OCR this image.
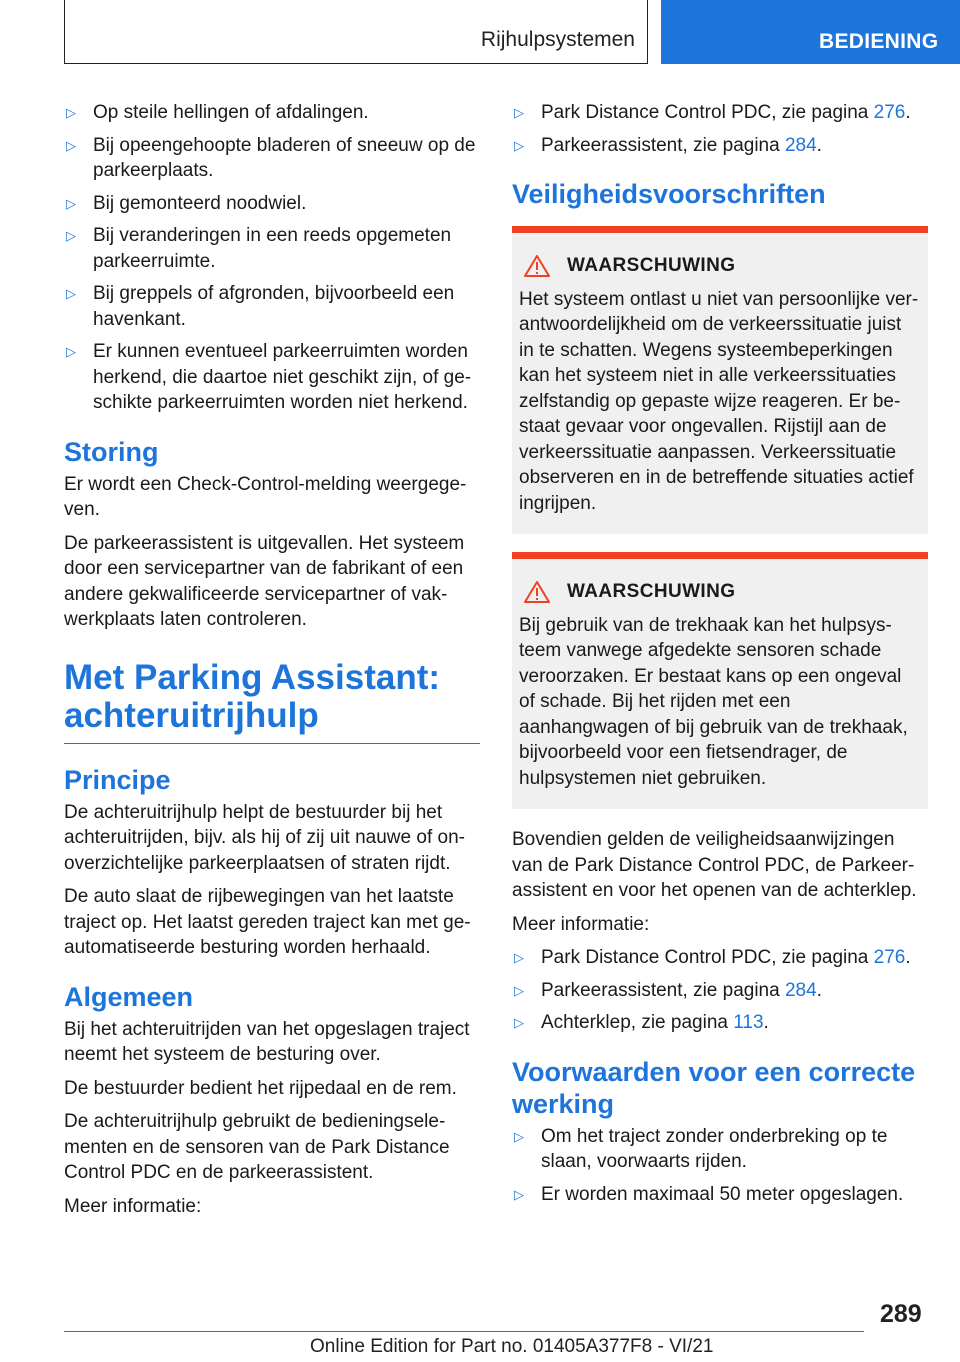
Rijhulpsystemen	BEDIENING
▷ Op steile hellingen of afdalingen.
▷ Bij opeengehoopte bladeren of sneeuw op de parkeerplaats.
▷ Bij gemonteerd noodwiel.
▷ Bij veranderingen in een reeds opgemeten parkeerruimte.
▷ Bij greppels of afgronden, bijvoorbeeld een havenkant.
▷ Er kunnen eventueel parkeerruimten worden herkend, die daartoe niet geschikt zijn, of geschikte parkeerruimten worden niet herkend.
Storing

Er wordt een Check-Control-melding weergegeven.

De parkeerassistent is uitgevallen. Het systeem door een servicepartner van de fabrikant of een andere gekwalificeerde servicepartner of vakwerkplaats laten controleren.

Met Parking Assistant: achteruitrijhulp
Principe

De achteruitrijhulp helpt de bestuurder bij het achteruitrijden, bijv. als hij of zij uit nauwe of onoverzichtelijke parkeerplaatsen of straten rijdt.

De auto slaat de rijbewegingen van het laatste traject op. Het laatst gereden traject kan met geautomatiseerde besturing worden herhaald.

Algemeen

Bij het achteruitrijden van het opgeslagen traject neemt het systeem de besturing over.

De bestuurder bedient het rijpedaal en de rem.

De achteruitrijhulp gebruikt de bedieningselementen en de sensoren van de Park Distance Control PDC en de parkeerassistent.

Meer informatie:

▷ Park Distance Control PDC, zie pagina 276.
▷ Parkeerassistent, zie pagina 284.
Veiligheidsvoorschriften
WAARSCHUWING

Het systeem ontlast u niet van persoonlijke verantwoordelijkheid om de verkeerssituatie juist in te schatten. Wegens systeembeperkingen kan het systeem niet in alle verkeerssituaties zelfstandig op gepaste wijze reageren. Er bestaat gevaar voor ongevallen. Rijstijl aan de verkeerssituatie aanpassen. Verkeerssituatie observeren en in de betreffende situaties actief ingrijpen.

WAARSCHUWING

Bij gebruik van de trekhaak kan het hulpsysteem vanwege afgedekte sensoren schade veroorzaken. Er bestaat kans op een ongeval of schade. Bij het rijden met een aanhangwagen of bij gebruik van de trekhaak, bijvoorbeeld voor een fietsendrager, de hulpsystemen niet gebruiken.

Bovendien gelden de veiligheidsaanwijzingen van de Park Distance Control PDC, de Parkeerassistent en voor het openen van de achterklep.

Meer informatie:

▷ Park Distance Control PDC, zie pagina 276.
▷ Parkeerassistent, zie pagina 284.
▷ Achterklep, zie pagina 113.
Voorwaarden voor een correcte werking
▷ Om het traject zonder onderbreking op te slaan, voorwaarts rijden.
▷ Er worden maximaal 50 meter opgeslagen.
289
Online Edition for Part no. 01405A377F8 - VI/21
